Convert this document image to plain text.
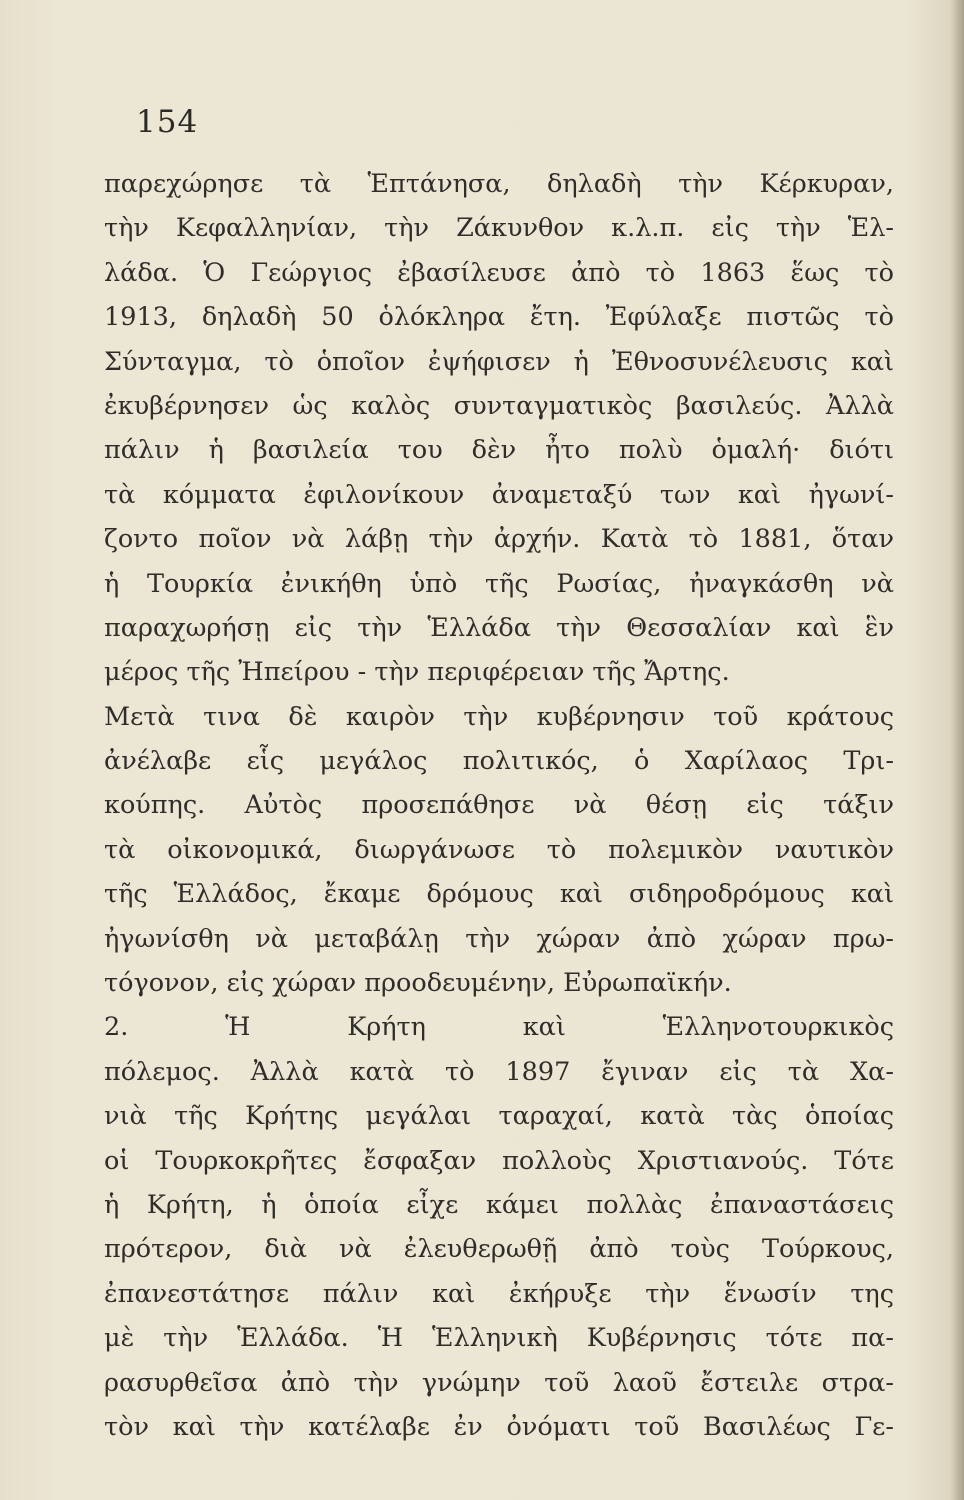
154
παρεχώρησε τὰ Ἑπτάνησα, δηλαδὴ τὴν Κέρκυραν,
τὴν Κεφαλληνίαν, τὴν Ζάκυνθον κ.λ.π. εἰς τὴν Ἑλ-
λάδα. Ὁ Γεώργιος ἐβασίλευσε ἀπὸ τὸ 1863 ἕως τὸ
1913, δηλαδὴ 50 ὁλόκληρα ἔτη. Ἐφύλαξε πιστῶς τὸ
Σύνταγμα, τὸ ὁποῖον ἐψήφισεν ἡ Ἐθνοσυνέλευσις καὶ
ἐκυβέρνησεν ὡς καλὸς συνταγματικὸς βασιλεύς. Ἀλλὰ
πάλιν ἡ βασιλεία του δὲν ἦτο πολὺ ὁμαλή· διότι
τὰ κόμματα ἐφιλονίκουν ἀναμεταξύ των καὶ ἠγωνί-
ζοντο ποῖον νὰ λάβῃ τὴν ἀρχήν. Κατὰ τὸ 1881, ὅταν
ἡ Τουρκία ἐνικήθη ὑπὸ τῆς Ρωσίας, ἠναγκάσθη νὰ
παραχωρήσῃ εἰς τὴν Ἑλλάδα τὴν Θεσσαλίαν καὶ ἓν
μέρος τῆς Ἠπείρου - τὴν περιφέρειαν τῆς Ἄρτης.
Μετὰ τινα δὲ καιρὸν τὴν κυβέρνησιν τοῦ κράτους
ἀνέλαβε εἷς μεγάλος πολιτικός, ὁ Χαρίλαος Τρι-
κούπης. Αὐτὸς προσεπάθησε νὰ θέσῃ εἰς τάξιν
τὰ οἰκονομικά, διωργάνωσε τὸ πολεμικὸν ναυτικὸν
τῆς Ἑλλάδος, ἔκαμε δρόμους καὶ σιδηροδρόμους καὶ
ἠγωνίσθη νὰ μεταβάλῃ τὴν χώραν ἀπὸ χώραν πρω-
τόγονον, εἰς χώραν προοδευμένην, Εὐρωπαϊκήν.
2. Ἡ Κρήτη καὶ Ἑλληνοτουρκικὸς
πόλεμος. Ἀλλὰ κατὰ τὸ 1897 ἔγιναν εἰς τὰ Χα-
νιὰ τῆς Κρήτης μεγάλαι ταραχαί, κατὰ τὰς ὁποίας
οἱ Τουρκοκρῆτες ἔσφαξαν πολλοὺς Χριστιανούς. Τότε
ἡ Κρήτη, ἡ ὁποία εἶχε κάμει πολλὰς ἐπαναστάσεις
πρότερον, διὰ νὰ ἐλευθερωθῇ ἀπὸ τοὺς Τούρκους,
ἐπανεστάτησε πάλιν καὶ ἐκήρυξε τὴν ἕνωσίν της
μὲ τὴν Ἑλλάδα. Ἡ Ἑλληνικὴ Κυβέρνησις τότε πα-
ρασυρθεῖσα ἀπὸ τὴν γνώμην τοῦ λαοῦ ἔστειλε στρα-
τὸν καὶ τὴν κατέλαβε ἐν ὀνόματι τοῦ Βασιλέως Γε-
